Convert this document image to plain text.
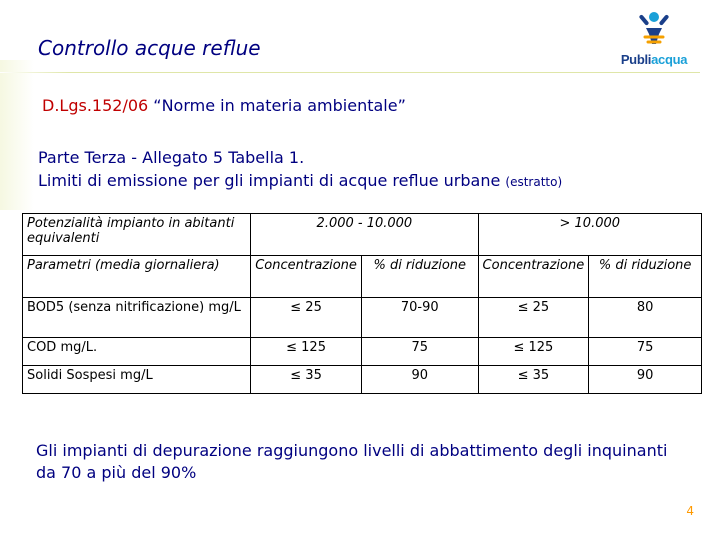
Controllo acque reflue	Publiacqua
D.Lgs.152/06 “Norme in materia ambientale”
Parte Terza - Allegato 5 Tabella 1.
Limiti di emissione per gli impianti di acque reflue urbane (estratto)
Potenzialità impianto in abitanti equivalenti	2.000 - 10.000		> 10.000	
Parametri (media giornaliera)	Concentrazione	% di riduzione	Concentrazione	% di riduzione
BOD5 (senza nitrificazione) mg/L	≤ 25	70-90	≤ 25	80
COD mg/L.	≤ 125	75	≤ 125	75
Solidi Sospesi mg/L	≤ 35	90	≤ 35	90
Gli impianti di depurazione raggiungono livelli di abbattimento degli inquinanti da 70 a più del 90%
4
